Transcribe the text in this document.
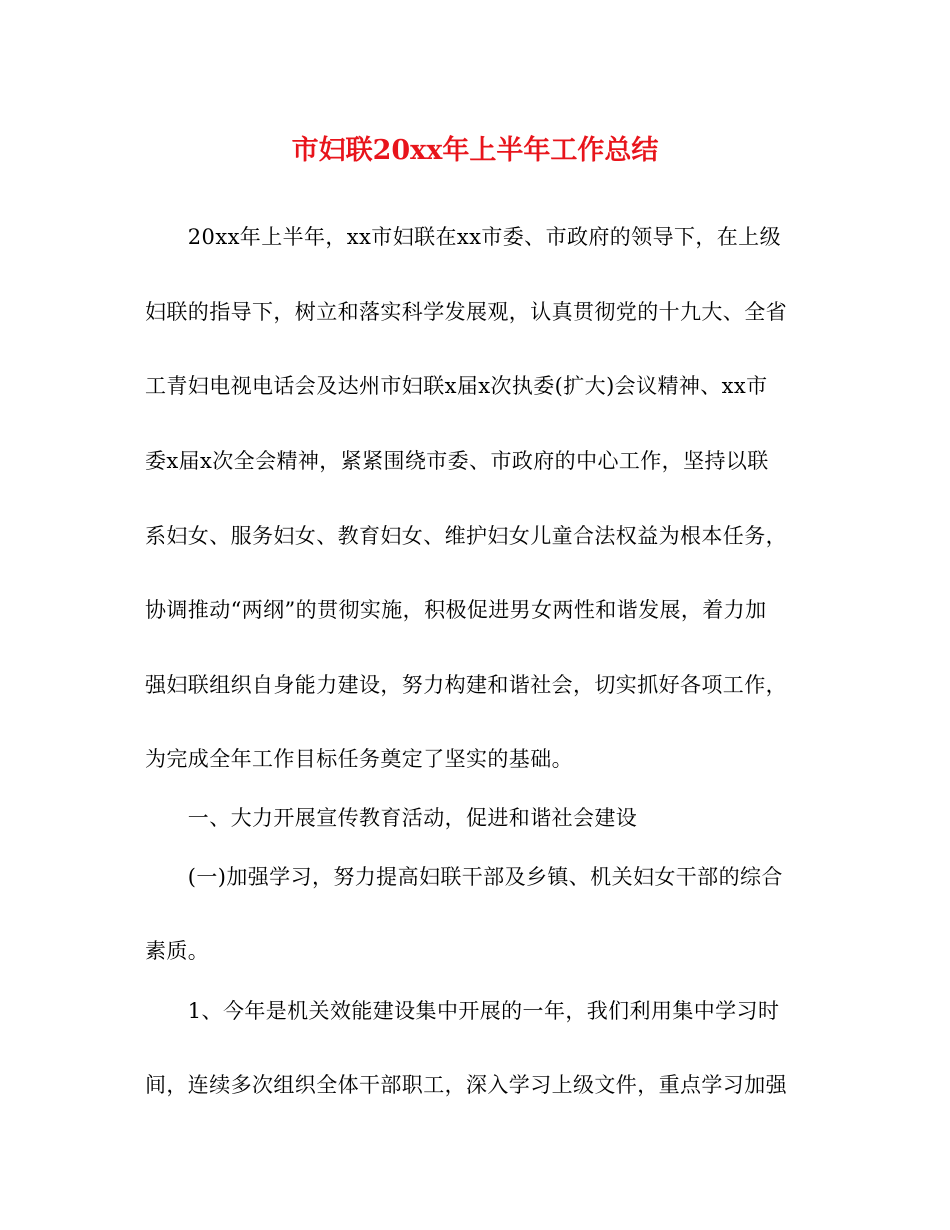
市妇联20xx年上半年工作总结
　　20xx年上半年，xx市妇联在xx市委、市政府的领导下，在上级
妇联的指导下，树立和落实科学发展观，认真贯彻党的十九大、全省
工青妇电视电话会及达州市妇联x届x次执委(扩大)会议精神、xx市
委x届x次全会精神，紧紧围绕市委、市政府的中心工作，坚持以联
系妇女、服务妇女、教育妇女、维护妇女儿童合法权益为根本任务，
协调推动“两纲”的贯彻实施，积极促进男女两性和谐发展，着力加
强妇联组织自身能力建设，努力构建和谐社会，切实抓好各项工作，
为完成全年工作目标任务奠定了坚实的基础。
　　一、大力开展宣传教育活动，促进和谐社会建设
　　(一)加强学习，努力提高妇联干部及乡镇、机关妇女干部的综合
素质。
　　1、今年是机关效能建设集中开展的一年，我们利用集中学习时
间，连续多次组织全体干部职工，深入学习上级文件，重点学习加强
